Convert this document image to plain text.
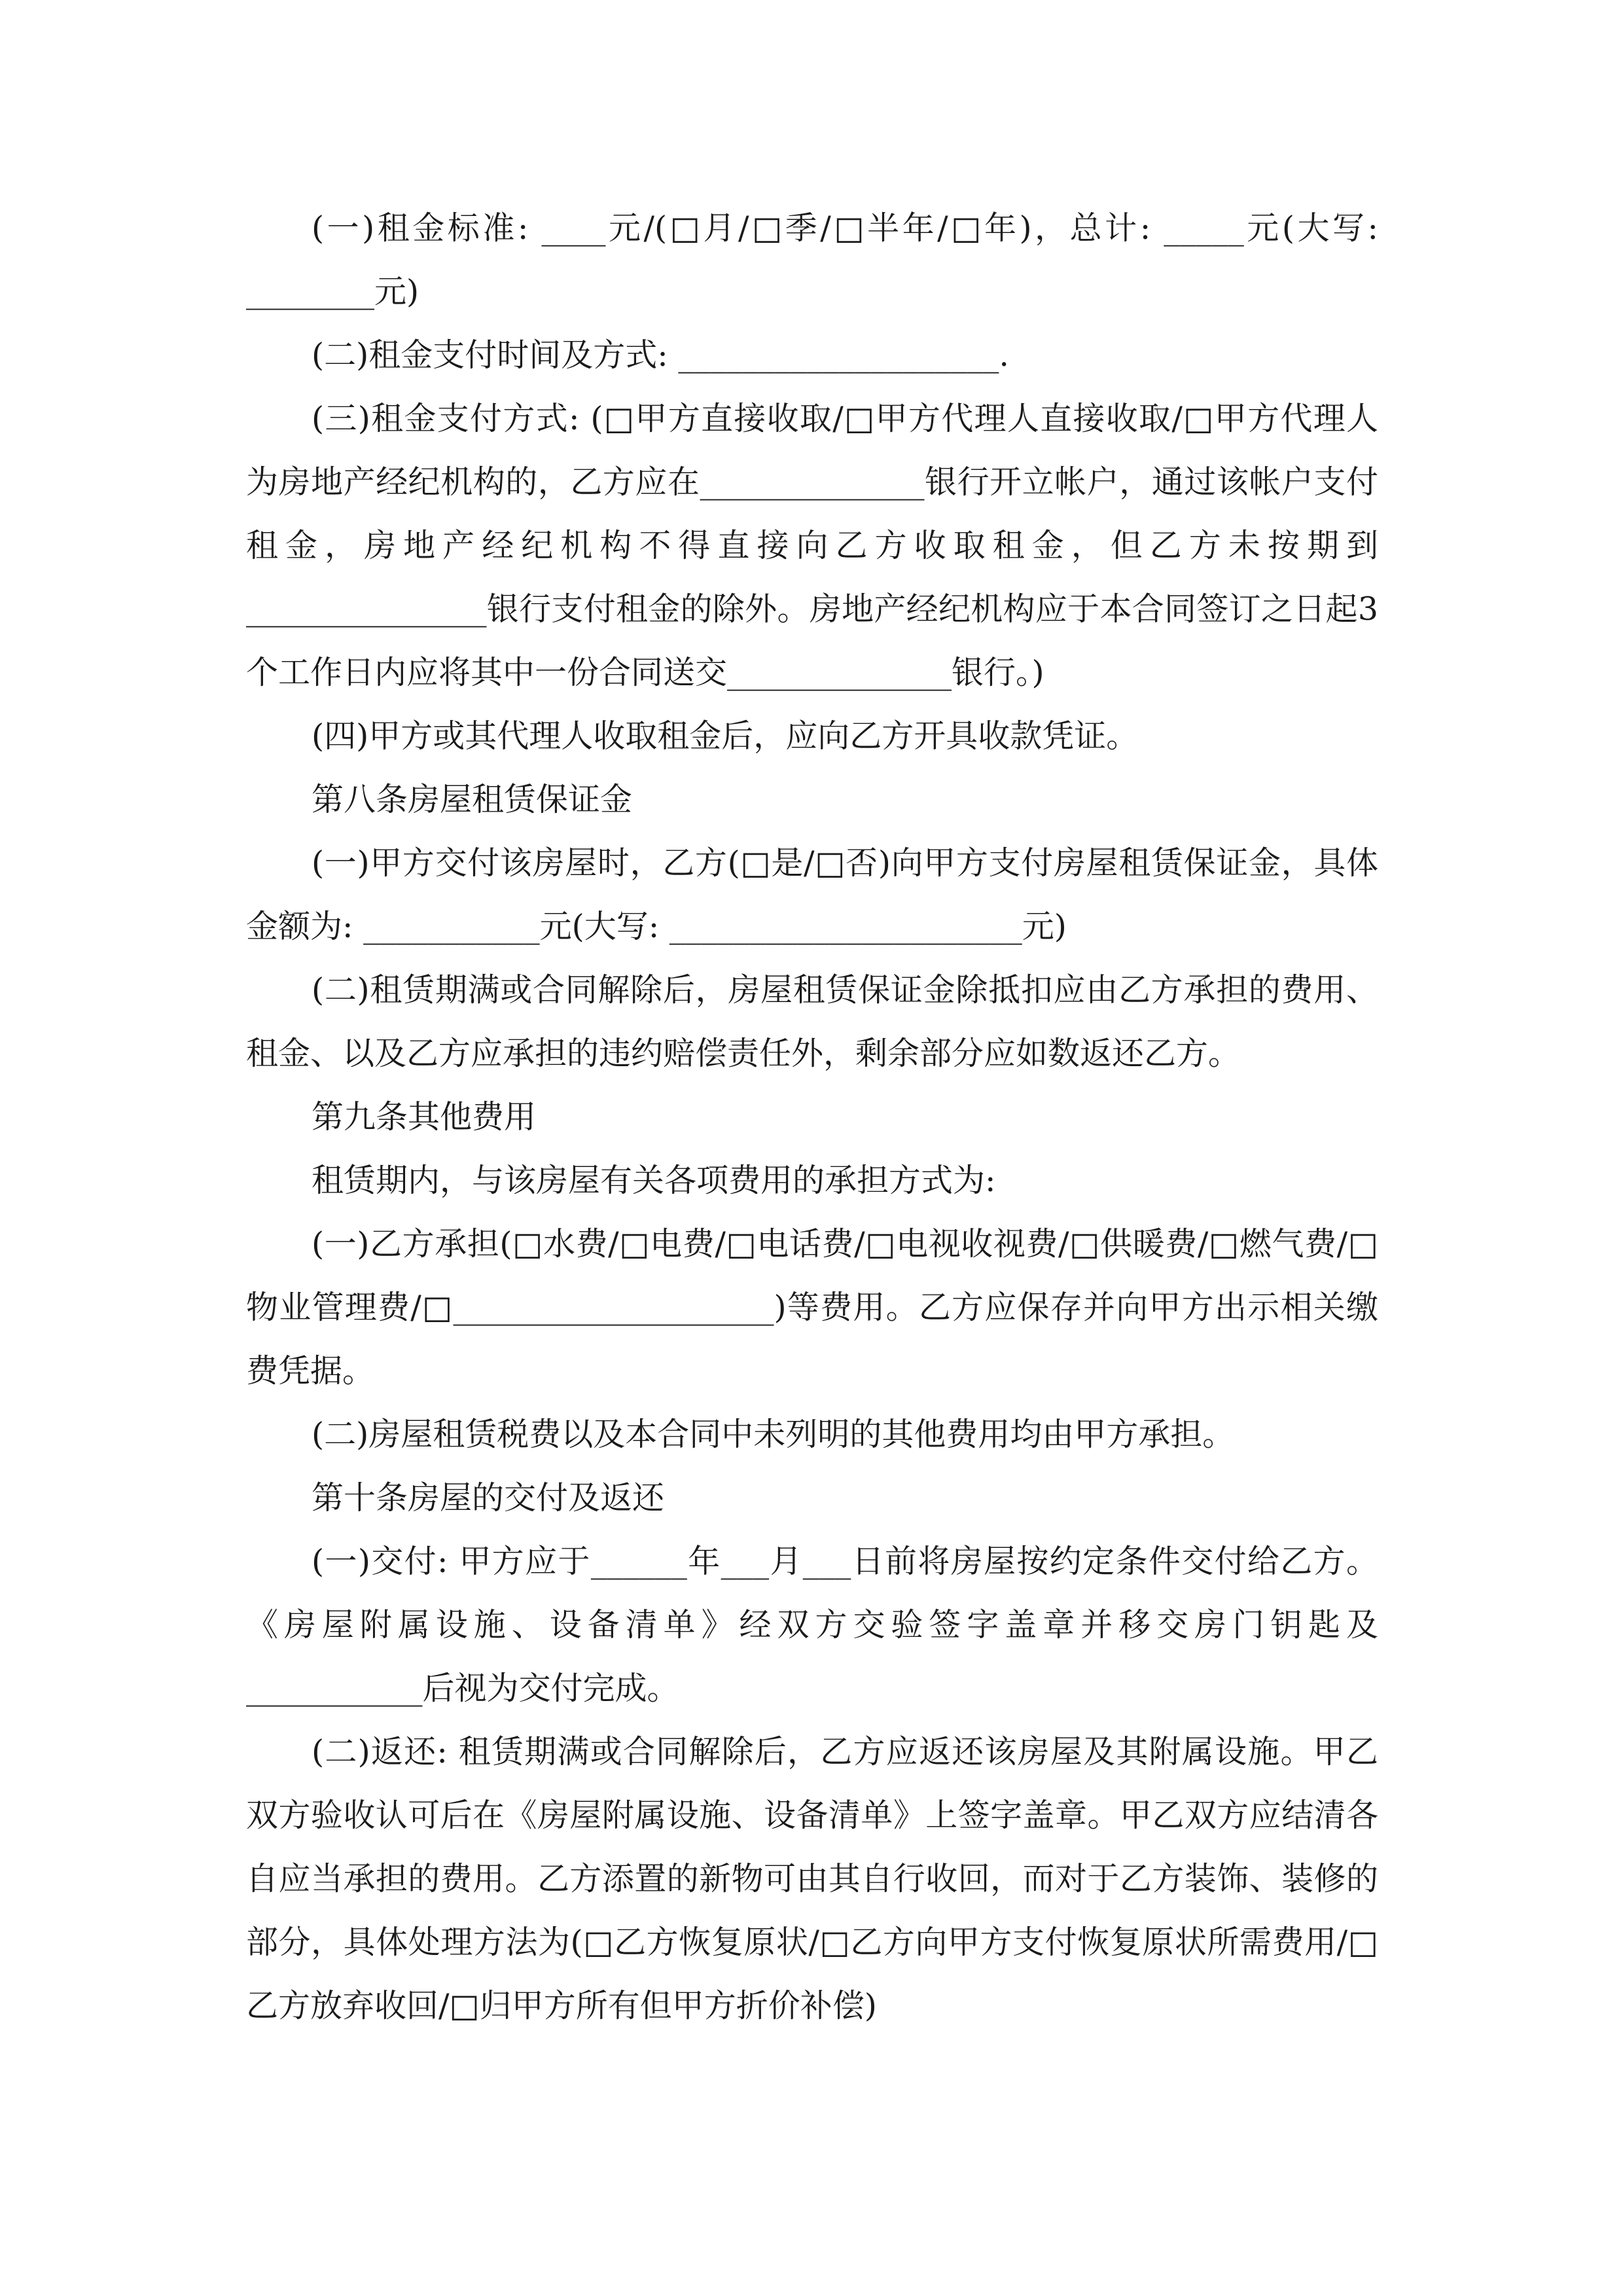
(一)租金标准: ____元/(□月/□季/□半年/□年)，总计: _____元(大写: ________元)

(二)租金支付时间及方式: ____________________.

(三)租金支付方式: (□甲方直接收取/□甲方代理人直接收取/□甲方代理人为房地产经纪机构的，乙方应在______________银行开立帐户，通过该帐户支付租金，房地产经纪机构不得直接向乙方收取租金，但乙方未按期到_______________银行支付租金的除外。房地产经纪机构应于本合同签订之日起3个工作日内应将其中一份合同送交______________银行。)

(四)甲方或其代理人收取租金后，应向乙方开具收款凭证。

第八条房屋租赁保证金

(一)甲方交付该房屋时，乙方(□是/□否)向甲方支付房屋租赁保证金，具体金额为: ___________元(大写: ______________________元)

(二)租赁期满或合同解除后，房屋租赁保证金除抵扣应由乙方承担的费用、租金、以及乙方应承担的违约赔偿责任外，剩余部分应如数返还乙方。

第九条其他费用

租赁期内，与该房屋有关各项费用的承担方式为:

(一)乙方承担(□水费/□电费/□电话费/□电视收视费/□供暖费/□燃气费/□物业管理费/□____________________)等费用。乙方应保存并向甲方出示相关缴费凭据。

(二)房屋租赁税费以及本合同中未列明的其他费用均由甲方承担。

第十条房屋的交付及返还

(一)交付: 甲方应于______年___月___日前将房屋按约定条件交付给乙方。《房屋附属设施、设备清单》经双方交验签字盖章并移交房门钥匙及___________后视为交付完成。

(二)返还: 租赁期满或合同解除后，乙方应返还该房屋及其附属设施。甲乙双方验收认可后在《房屋附属设施、设备清单》上签字盖章。甲乙双方应结清各自应当承担的费用。乙方添置的新物可由其自行收回，而对于乙方装饰、装修的部分，具体处理方法为(□乙方恢复原状/□乙方向甲方支付恢复原状所需费用/□乙方放弃收回/□归甲方所有但甲方折价补偿)
